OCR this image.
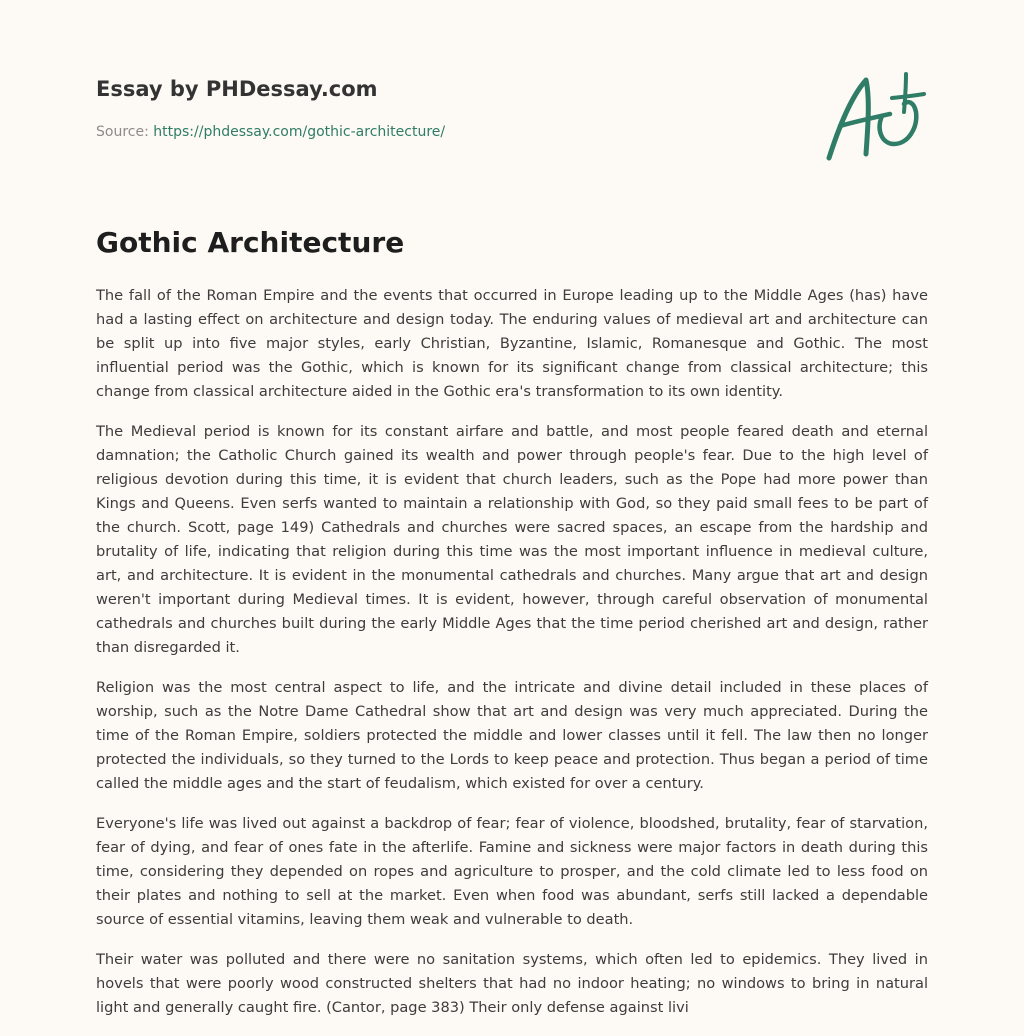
Essay by PHDessay.com

Source: https://phdessay.com/gothic-architecture/

Gothic Architecture

The fall of the Roman Empire and the events that occurred in Europe leading up to the Middle Ages (has) have had a lasting effect on architecture and design today. The enduring values of medieval art and architecture can be split up into five major styles, early Christian, Byzantine, Islamic, Romanesque and Gothic. The most influential period was the Gothic, which is known for its significant change from classical architecture; this change from classical architecture aided in the Gothic era's transformation to its own identity.

The Medieval period is known for its constant airfare and battle, and most people feared death and eternal damnation; the Catholic Church gained its wealth and power through people's fear. Due to the high level of religious devotion during this time, it is evident that church leaders, such as the Pope had more power than Kings and Queens. Even serfs wanted to maintain a relationship with God, so they paid small fees to be part of the church. Scott, page 149) Cathedrals and churches were sacred spaces, an escape from the hardship and brutality of life, indicating that religion during this time was the most important influence in medieval culture, art, and architecture. It is evident in the monumental cathedrals and churches. Many argue that art and design weren't important during Medieval times. It is evident, however, through careful observation of monumental cathedrals and churches built during the early Middle Ages that the time period cherished art and design, rather than disregarded it.

Religion was the most central aspect to life, and the intricate and divine detail included in these places of worship, such as the Notre Dame Cathedral show that art and design was very much appreciated. During the time of the Roman Empire, soldiers protected the middle and lower classes until it fell. The law then no longer protected the individuals, so they turned to the Lords to keep peace and protection. Thus began a period of time called the middle ages and the start of feudalism, which existed for over a century.

Everyone's life was lived out against a backdrop of fear; fear of violence, bloodshed, brutality, fear of starvation, fear of dying, and fear of ones fate in the afterlife. Famine and sickness were major factors in death during this time, considering they depended on ropes and agriculture to prosper, and the cold climate led to less food on their plates and nothing to sell at the market. Even when food was abundant, serfs still lacked a dependable source of essential vitamins, leaving them weak and vulnerable to death.

Their water was polluted and there were no sanitation systems, which often led to epidemics. They lived in hovels that were poorly wood constructed shelters that had no indoor heating; no windows to bring in natural light and generally caught fire. (Cantor, page 383) Their only defense against livi
